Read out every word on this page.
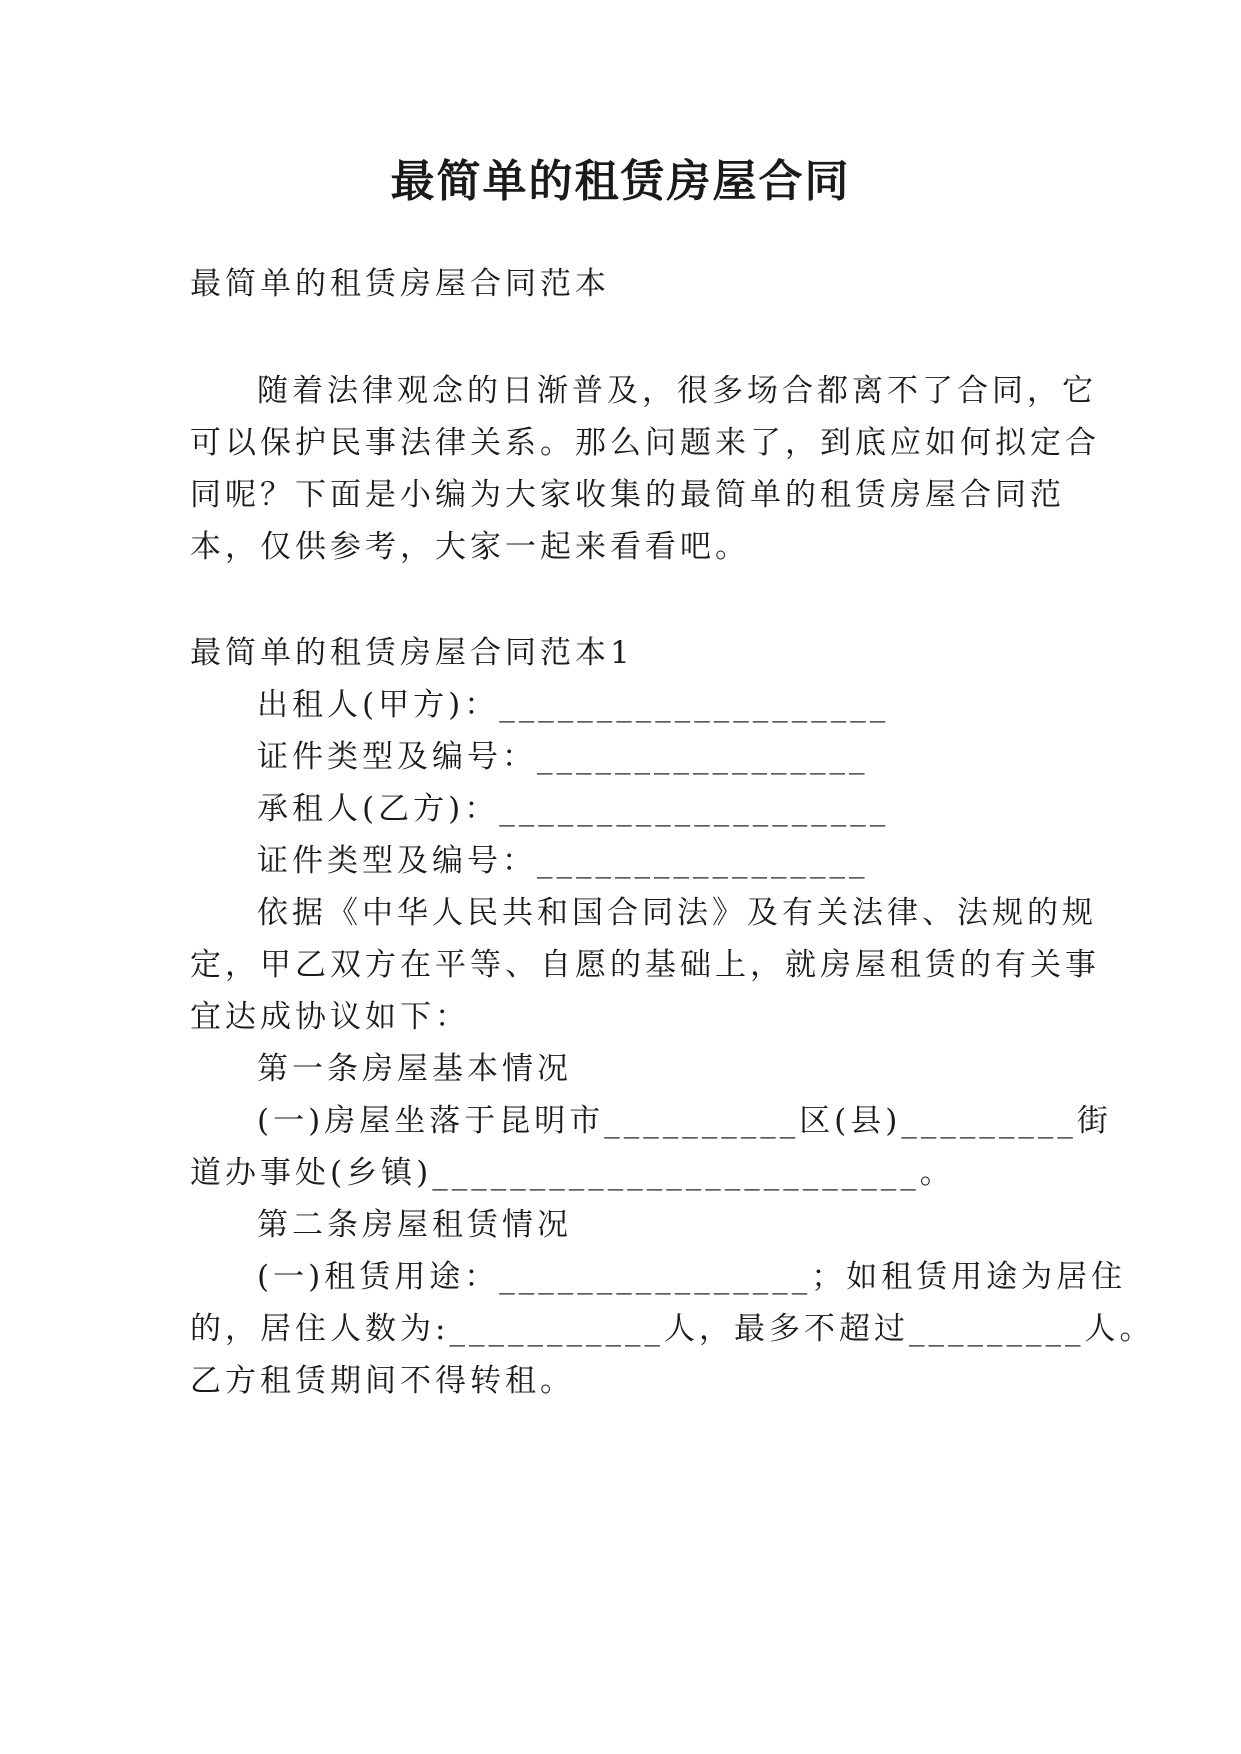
最简单的租赁房屋合同
最简单的租赁房屋合同范本
随着法律观念的日渐普及，很多场合都离不了合同，它
可以保护民事法律关系。那么问题来了，到底应如何拟定合
同呢？下面是小编为大家收集的最简单的租赁房屋合同范
本，仅供参考，大家一起来看看吧。
最简单的租赁房屋合同范本1
出租人(甲方)：____________________
证件类型及编号：_________________
承租人(乙方)：____________________
证件类型及编号：_________________
依据《中华人民共和国合同法》及有关法律、法规的规
定，甲乙双方在平等、自愿的基础上，就房屋租赁的有关事
宜达成协议如下：
第一条房屋基本情况
(一)房屋坐落于昆明市__________区(县)_________街
道办事处(乡镇)_________________________。
第二条房屋租赁情况
(一)租赁用途：________________；如租赁用途为居住
的，居住人数为:___________人，最多不超过_________人。
乙方租赁期间不得转租。
